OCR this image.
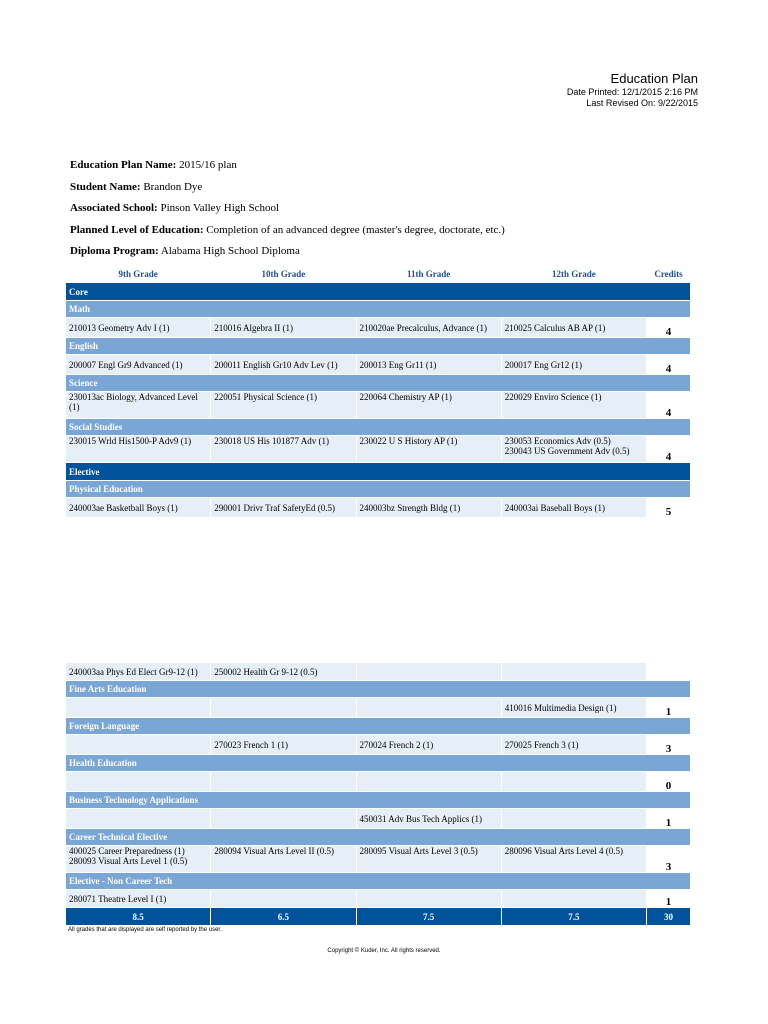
Education Plan
Date Printed: 12/1/2015 2:16 PM
Last Revised On: 9/22/2015
Education Plan Name: 2015/16 plan
Student Name: Brandon Dye
Associated School: Pinson Valley High School
Planned Level of Education: Completion of an advanced degree (master's degree, doctorate, etc.)
Diploma Program: Alabama High School Diploma
9th Grade	10th Grade	11th Grade	12th Grade	Credits
Core				
Math				
210013 Geometry Adv I (1)	210016 Algebra II (1)	210020ae Precalculus, Advance (1)	210025 Calculus AB AP (1)	4
English				
200007 Engl Gr9 Advanced (1)	200011 English Gr10 Adv Lev (1)	200013 Eng Gr11 (1)	200017 Eng Gr12 (1)	4
Science				
230013ac Biology, Advanced Level (1)	220051 Physical Science (1)	220064 Chemistry AP (1)	220029 Enviro Science (1)	4
Social Studies				
230015 Wrld His1500-P Adv9 (1)	230018 US His 101877 Adv (1)	230022 U S History AP (1)	230053 Economics Adv (0.5)
230043 US Government Adv (0.5)	4
Elective				
Physical Education				
240003ae Basketball Boys (1)	290001 Drivr Traf SafetyEd (0.5)	240003bz Strength Bldg (1)	240003ai Baseball Boys (1)	5
240003aa Phys Ed Elect Gr9-12 (1)	250002 Health Gr 9-12 (0.5)			
Fine Arts Education				
			410016 Multimedia Design (1)	1
Foreign Language				
	270023 French 1 (1)	270024 French 2 (1)	270025 French 3 (1)	3
Health Education				
				0
Business Technology Applications				
		450031 Adv Bus Tech Applics (1)		1
Career Technical Elective				

400025 Career Preparedness (1)
280093 Visual Arts Level 1 (0.5)	280094 Visual Arts Level II (0.5)	280095 Visual Arts Level 3 (0.5)	280096 Visual Arts Level 4 (0.5)	3
Elective - Non Career Tech				
280071 Theatre Level I (1)				1
8.5	6.5	7.5	7.5	30
All grades that are displayed are self reported by the user.
Copyright © Kuder, Inc. All rights reserved.
